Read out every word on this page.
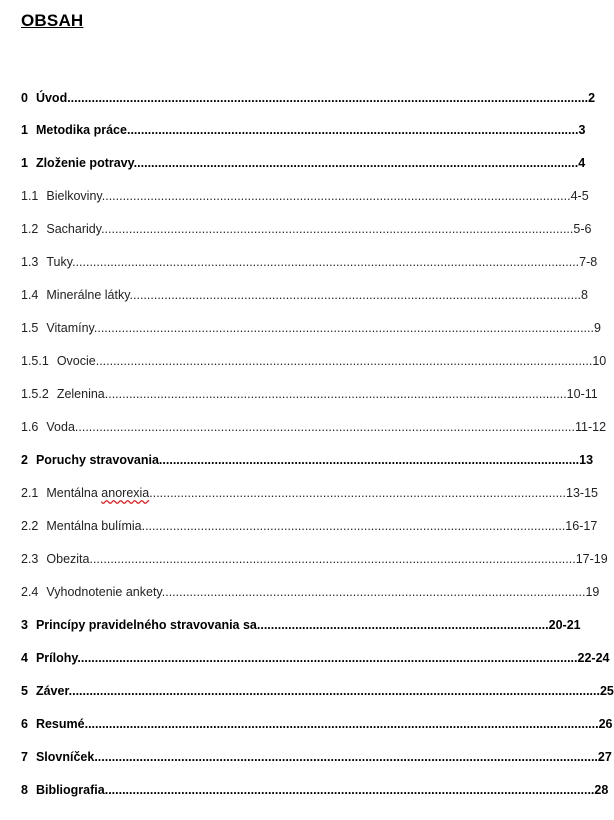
OBSAH
0 Úvod......................................................................................................................................................2
1 Metodika práce..................................................................................................................................3
1 Zloženie potravy................................................................................................................................4
1.1 Bielkoviny.......................................................................................................................................4-5
1.2 Sacharidy........................................................................................................................................5-6
1.3 Tuky..................................................................................................................................................7-8
1.4 Minerálne látky..................................................................................................................................8
1.5 Vitamíny................................................................................................................................................9
1.5.1 Ovocie...............................................................................................................................................10
1.5.2 Zelenina.....................................................................................................................................10-11
1.6 Voda................................................................................................................................................11-12
2 Poruchy stravovania.........................................................................................................................13
2.1 Mentálna anorexia........................................................................................................................13-15
2.2 Mentálna bulímia..........................................................................................................................16-17
2.3 Obezita............................................................................................................................................17-19
2.4 Vyhodnotenie ankety..........................................................................................................................19
3 Princípy pravidelného stravovania sa....................................................................................20-21
4 Prílohy................................................................................................................................................22-24
5 Záver.........................................................................................................................................................25
6 Resumé....................................................................................................................................................26
7 Slovníček.................................................................................................................................................27
8 Bibliografia.............................................................................................................................................28
